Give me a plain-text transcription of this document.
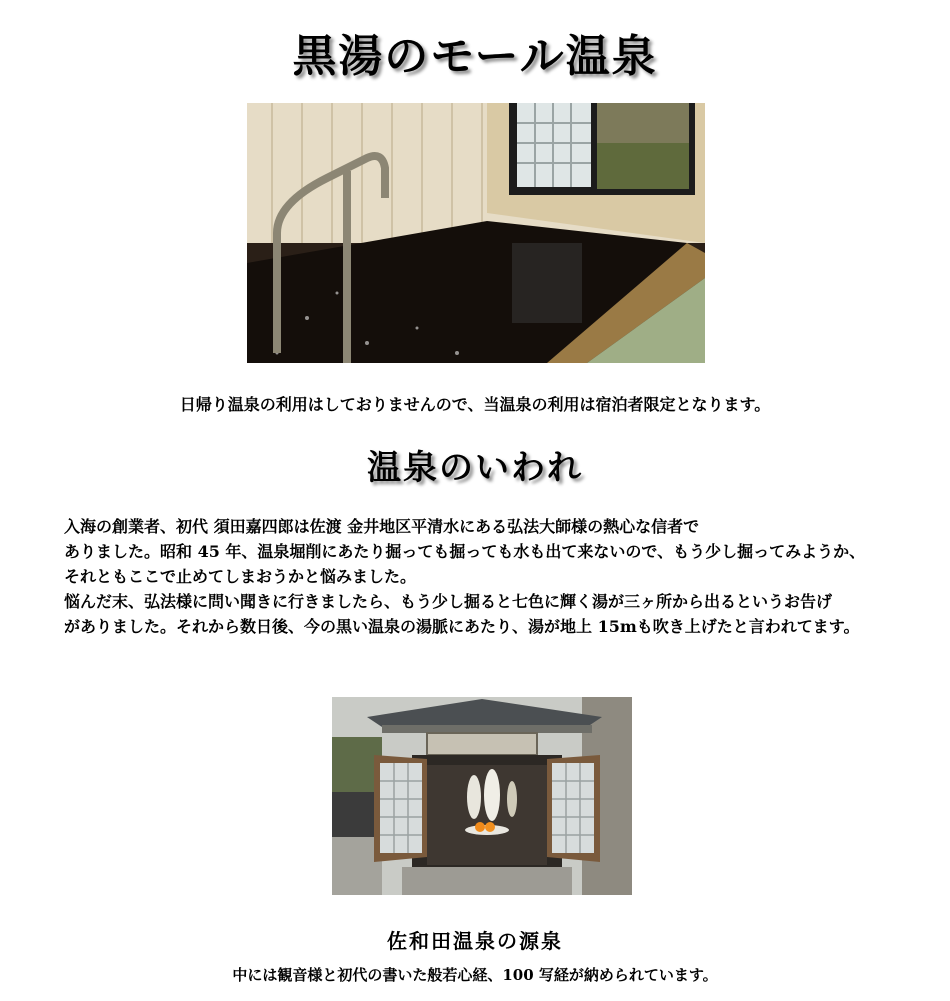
黒湯のモール温泉
日帰り温泉の利用はしておりませんので、当温泉の利用は宿泊者限定となります。
温泉のいわれ
入海の創業者、初代 須田嘉四郎は佐渡 金井地区平清水にある弘法大師様の熱心な信者で
ありました。昭和 45 年、温泉堀削にあたり掘っても掘っても水も出て来ないので、もう少し掘ってみようか、
それともここで止めてしまおうかと悩みました。
悩んだ末、弘法様に問い聞きに行きましたら、もう少し掘ると七色に輝く湯が三ヶ所から出るというお告げ
がありました。それから数日後、今の黒い温泉の湯脈にあたり、湯が地上 15mも吹き上げたと言われてます。
佐和田温泉の源泉
中には観音様と初代の書いた般若心経、100 写経が納められています。
